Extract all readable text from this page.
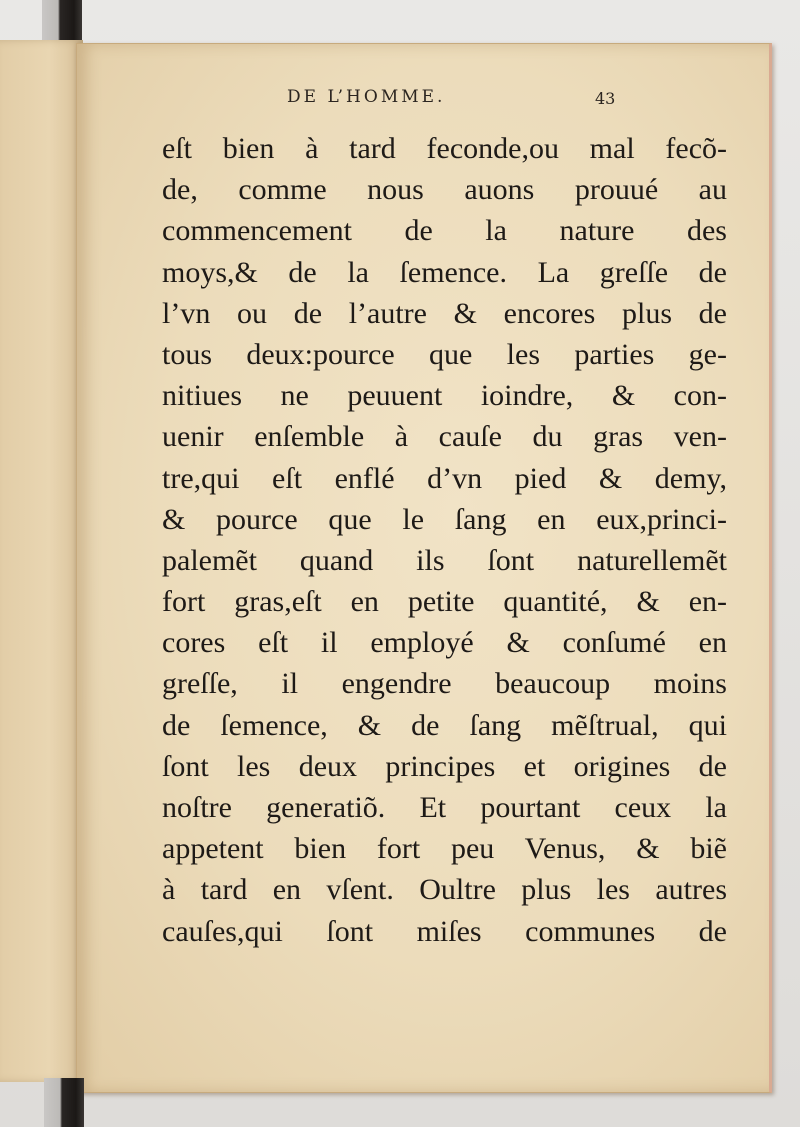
DE L’HOMME.	43

eſt bien à tard feconde,ou mal fecõ-
de, comme nous auons prouué au
commencement de la nature des
moys,& de la ſemence. La greſſe de
l’vn ou de l’autre & encores plus de
tous deux:pource que les parties ge-
nitiues ne peuuent ioindre, & con-
uenir enſemble à cauſe du gras ven-
tre,qui eſt enflé d’vn pied & demy,
& pource que le ſang en eux,princi-
palemẽt quand ils ſont naturellemẽt
fort gras,eſt en petite quantité, & en-
cores eſt il employé & conſumé en
greſſe, il engendre beaucoup moins
de ſemence, & de ſang mẽſtrual, qui
ſont les deux principes et origines de
noſtre generatiõ. Et pourtant ceux la
appetent bien fort peu Venus, & biẽ
à tard en vſent. Oultre plus les autres
cauſes,qui ſont miſes communes de
